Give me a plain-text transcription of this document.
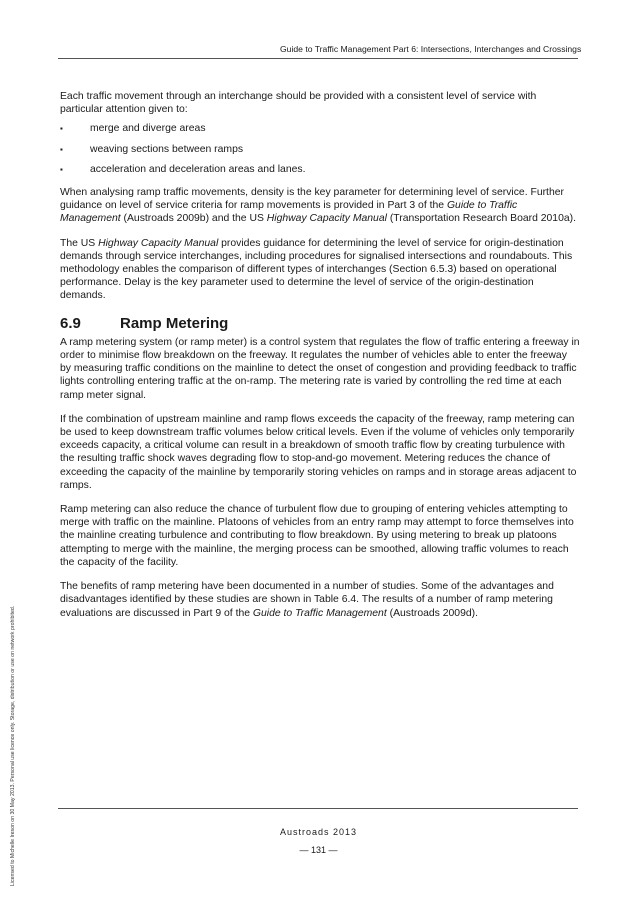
Guide to Traffic Management Part 6: Intersections, Interchanges and Crossings

Each traffic movement through an interchange should be provided with a consistent level of service with particular attention given to:

▪	merge and diverge areas
▪	weaving sections between ramps
▪	acceleration and deceleration areas and lanes.

When analysing ramp traffic movements, density is the key parameter for determining level of service. Further guidance on level of service criteria for ramp movements is provided in Part 3 of the Guide to Traffic Management (Austroads 2009b) and the US Highway Capacity Manual (Transportation Research Board 2010a).

The US Highway Capacity Manual provides guidance for determining the level of service for origin-destination demands through service interchanges, including procedures for signalised intersections and roundabouts. This methodology enables the comparison of different types of interchanges (Section 6.5.3) based on operational performance. Delay is the key parameter used to determine the level of service of the origin-destination demands.

6.9	Ramp Metering

A ramp metering system (or ramp meter) is a control system that regulates the flow of traffic entering a freeway in order to minimise flow breakdown on the freeway. It regulates the number of vehicles able to enter the freeway by measuring traffic conditions on the mainline to detect the onset of congestion and providing feedback to traffic lights controlling entering traffic at the on-ramp. The metering rate is varied by controlling the red time at each ramp meter signal.

If the combination of upstream mainline and ramp flows exceeds the capacity of the freeway, ramp metering can be used to keep downstream traffic volumes below critical levels. Even if the volume of vehicles only temporarily exceeds capacity, a critical volume can result in a breakdown of smooth traffic flow by creating turbulence with the resulting traffic shock waves degrading flow to stop-and-go movement. Metering reduces the chance of exceeding the capacity of the mainline by temporarily storing vehicles on ramps and in storage areas adjacent to ramps.

Ramp metering can also reduce the chance of turbulent flow due to grouping of entering vehicles attempting to merge with traffic on the mainline. Platoons of vehicles from an entry ramp may attempt to force themselves into the mainline creating turbulence and contributing to flow breakdown. By using metering to break up platoons attempting to merge with the mainline, the merging process can be smoothed, allowing traffic volumes to reach the capacity of the facility.

The benefits of ramp metering have been documented in a number of studies. Some of the advantages and disadvantages identified by these studies are shown in Table 6.4. The results of a number of ramp metering evaluations are discussed in Part 9 of the Guide to Traffic Management (Austroads 2009d).

Licensed to Michelle Ireson on 30 May 2013. Personal use licence only. Storage, distribution or use on network prohibited.	Austroads 2013
— 131 —
